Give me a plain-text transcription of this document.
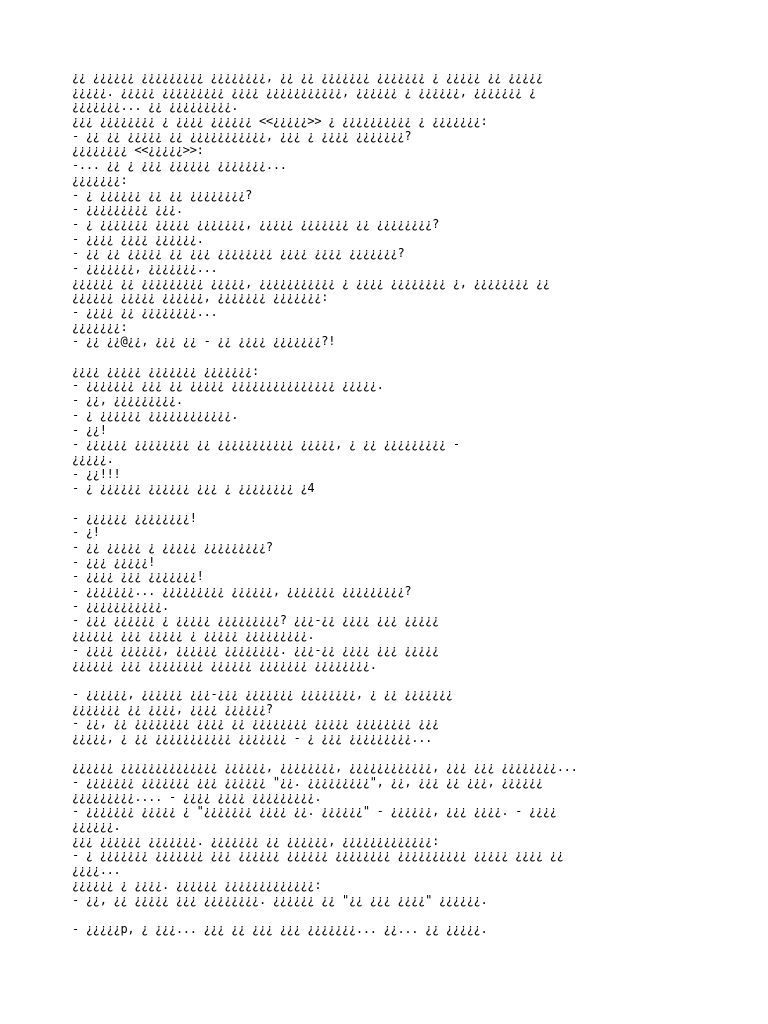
¿¿ ¿¿¿¿¿¿ ¿¿¿¿¿¿¿¿¿ ¿¿¿¿¿¿¿¿, ¿¿ ¿¿ ¿¿¿¿¿¿¿ ¿¿¿¿¿¿¿ ¿ ¿¿¿¿¿ ¿¿ ¿¿¿¿¿
¿¿¿¿¿. ¿¿¿¿¿ ¿¿¿¿¿¿¿¿¿ ¿¿¿¿ ¿¿¿¿¿¿¿¿¿¿¿, ¿¿¿¿¿¿ ¿ ¿¿¿¿¿¿, ¿¿¿¿¿¿¿ ¿
¿¿¿¿¿¿¿... ¿¿ ¿¿¿¿¿¿¿¿¿.
¿¿¿ ¿¿¿¿¿¿¿¿ ¿ ¿¿¿¿ ¿¿¿¿¿¿ <<¿¿¿¿¿>> ¿ ¿¿¿¿¿¿¿¿¿¿ ¿ ¿¿¿¿¿¿¿:
- ¿¿ ¿¿ ¿¿¿¿¿ ¿¿ ¿¿¿¿¿¿¿¿¿¿¿, ¿¿¿ ¿ ¿¿¿¿ ¿¿¿¿¿¿¿?
¿¿¿¿¿¿¿¿ <<¿¿¿¿¿>>:
-... ¿¿ ¿ ¿¿¿ ¿¿¿¿¿¿ ¿¿¿¿¿¿¿...
¿¿¿¿¿¿¿:
- ¿ ¿¿¿¿¿¿ ¿¿ ¿¿ ¿¿¿¿¿¿¿¿?
- ¿¿¿¿¿¿¿¿¿ ¿¿¿.
- ¿ ¿¿¿¿¿¿¿ ¿¿¿¿¿ ¿¿¿¿¿¿¿, ¿¿¿¿¿ ¿¿¿¿¿¿¿ ¿¿ ¿¿¿¿¿¿¿¿?
- ¿¿¿¿ ¿¿¿¿ ¿¿¿¿¿¿.
- ¿¿ ¿¿ ¿¿¿¿¿ ¿¿ ¿¿¿ ¿¿¿¿¿¿¿¿ ¿¿¿¿ ¿¿¿¿ ¿¿¿¿¿¿¿?
- ¿¿¿¿¿¿¿, ¿¿¿¿¿¿¿...
¿¿¿¿¿¿ ¿¿ ¿¿¿¿¿¿¿¿¿ ¿¿¿¿¿, ¿¿¿¿¿¿¿¿¿¿¿ ¿ ¿¿¿¿ ¿¿¿¿¿¿¿¿ ¿, ¿¿¿¿¿¿¿¿ ¿¿
¿¿¿¿¿¿ ¿¿¿¿¿ ¿¿¿¿¿¿, ¿¿¿¿¿¿¿ ¿¿¿¿¿¿¿:
- ¿¿¿¿ ¿¿ ¿¿¿¿¿¿¿¿...
¿¿¿¿¿¿¿:
- ¿¿ ¿¿@¿¿, ¿¿¿ ¿¿ - ¿¿ ¿¿¿¿ ¿¿¿¿¿¿¿?!
¿¿¿¿ ¿¿¿¿¿ ¿¿¿¿¿¿¿ ¿¿¿¿¿¿¿:
- ¿¿¿¿¿¿¿ ¿¿¿ ¿¿ ¿¿¿¿¿ ¿¿¿¿¿¿¿¿¿¿¿¿¿¿¿ ¿¿¿¿¿.
- ¿¿, ¿¿¿¿¿¿¿¿¿.
- ¿ ¿¿¿¿¿¿ ¿¿¿¿¿¿¿¿¿¿¿¿.
- ¿¿!
- ¿¿¿¿¿¿ ¿¿¿¿¿¿¿¿ ¿¿ ¿¿¿¿¿¿¿¿¿¿¿ ¿¿¿¿¿, ¿ ¿¿ ¿¿¿¿¿¿¿¿¿ -
¿¿¿¿¿.
- ¿¿!!!
- ¿ ¿¿¿¿¿¿ ¿¿¿¿¿¿ ¿¿¿ ¿ ¿¿¿¿¿¿¿¿ ¿4
- ¿¿¿¿¿¿ ¿¿¿¿¿¿¿¿!
- ¿!
- ¿¿ ¿¿¿¿¿ ¿ ¿¿¿¿¿ ¿¿¿¿¿¿¿¿¿?
- ¿¿¿ ¿¿¿¿¿!
- ¿¿¿¿ ¿¿¿ ¿¿¿¿¿¿¿!
- ¿¿¿¿¿¿¿... ¿¿¿¿¿¿¿¿¿ ¿¿¿¿¿¿, ¿¿¿¿¿¿¿ ¿¿¿¿¿¿¿¿¿?
- ¿¿¿¿¿¿¿¿¿¿¿.
- ¿¿¿ ¿¿¿¿¿¿ ¿ ¿¿¿¿¿ ¿¿¿¿¿¿¿¿¿? ¿¿¿-¿¿ ¿¿¿¿ ¿¿¿ ¿¿¿¿¿
¿¿¿¿¿¿ ¿¿¿ ¿¿¿¿¿ ¿ ¿¿¿¿¿ ¿¿¿¿¿¿¿¿¿.
- ¿¿¿¿ ¿¿¿¿¿¿, ¿¿¿¿¿¿ ¿¿¿¿¿¿¿¿. ¿¿¿-¿¿ ¿¿¿¿ ¿¿¿ ¿¿¿¿¿
¿¿¿¿¿¿ ¿¿¿ ¿¿¿¿¿¿¿¿ ¿¿¿¿¿¿ ¿¿¿¿¿¿¿ ¿¿¿¿¿¿¿¿.
- ¿¿¿¿¿¿, ¿¿¿¿¿¿ ¿¿¿-¿¿¿ ¿¿¿¿¿¿¿ ¿¿¿¿¿¿¿¿, ¿ ¿¿ ¿¿¿¿¿¿¿
¿¿¿¿¿¿¿ ¿¿ ¿¿¿¿, ¿¿¿¿ ¿¿¿¿¿¿?
- ¿¿, ¿¿ ¿¿¿¿¿¿¿¿ ¿¿¿¿ ¿¿ ¿¿¿¿¿¿¿¿ ¿¿¿¿¿ ¿¿¿¿¿¿¿¿ ¿¿¿
¿¿¿¿¿, ¿ ¿¿ ¿¿¿¿¿¿¿¿¿¿¿ ¿¿¿¿¿¿¿ - ¿ ¿¿¿ ¿¿¿¿¿¿¿¿¿...
¿¿¿¿¿¿ ¿¿¿¿¿¿¿¿¿¿¿¿¿¿ ¿¿¿¿¿¿, ¿¿¿¿¿¿¿¿, ¿¿¿¿¿¿¿¿¿¿¿¿, ¿¿¿ ¿¿¿ ¿¿¿¿¿¿¿¿...
- ¿¿¿¿¿¿¿ ¿¿¿¿¿¿¿ ¿¿¿ ¿¿¿¿¿¿ "¿¿. ¿¿¿¿¿¿¿¿¿", ¿¿, ¿¿¿ ¿¿ ¿¿¿, ¿¿¿¿¿¿
¿¿¿¿¿¿¿¿¿.... - ¿¿¿¿ ¿¿¿¿ ¿¿¿¿¿¿¿¿¿.
- ¿¿¿¿¿¿¿ ¿¿¿¿¿ ¿ "¿¿¿¿¿¿¿ ¿¿¿¿ ¿¿. ¿¿¿¿¿¿" - ¿¿¿¿¿¿, ¿¿¿ ¿¿¿¿. - ¿¿¿¿
¿¿¿¿¿¿.
¿¿¿ ¿¿¿¿¿¿ ¿¿¿¿¿¿¿. ¿¿¿¿¿¿¿ ¿¿ ¿¿¿¿¿¿, ¿¿¿¿¿¿¿¿¿¿¿¿¿:
- ¿ ¿¿¿¿¿¿¿ ¿¿¿¿¿¿¿ ¿¿¿ ¿¿¿¿¿¿ ¿¿¿¿¿¿ ¿¿¿¿¿¿¿¿ ¿¿¿¿¿¿¿¿¿¿ ¿¿¿¿¿ ¿¿¿¿ ¿¿
¿¿¿¿...
¿¿¿¿¿¿ ¿ ¿¿¿¿. ¿¿¿¿¿¿ ¿¿¿¿¿¿¿¿¿¿¿¿¿:
- ¿¿, ¿¿ ¿¿¿¿¿ ¿¿¿ ¿¿¿¿¿¿¿¿. ¿¿¿¿¿¿ ¿¿ "¿¿ ¿¿¿ ¿¿¿¿" ¿¿¿¿¿¿.
- ¿¿¿¿¿p, ¿ ¿¿¿... ¿¿¿ ¿¿ ¿¿¿ ¿¿¿ ¿¿¿¿¿¿¿... ¿¿... ¿¿ ¿¿¿¿¿.
